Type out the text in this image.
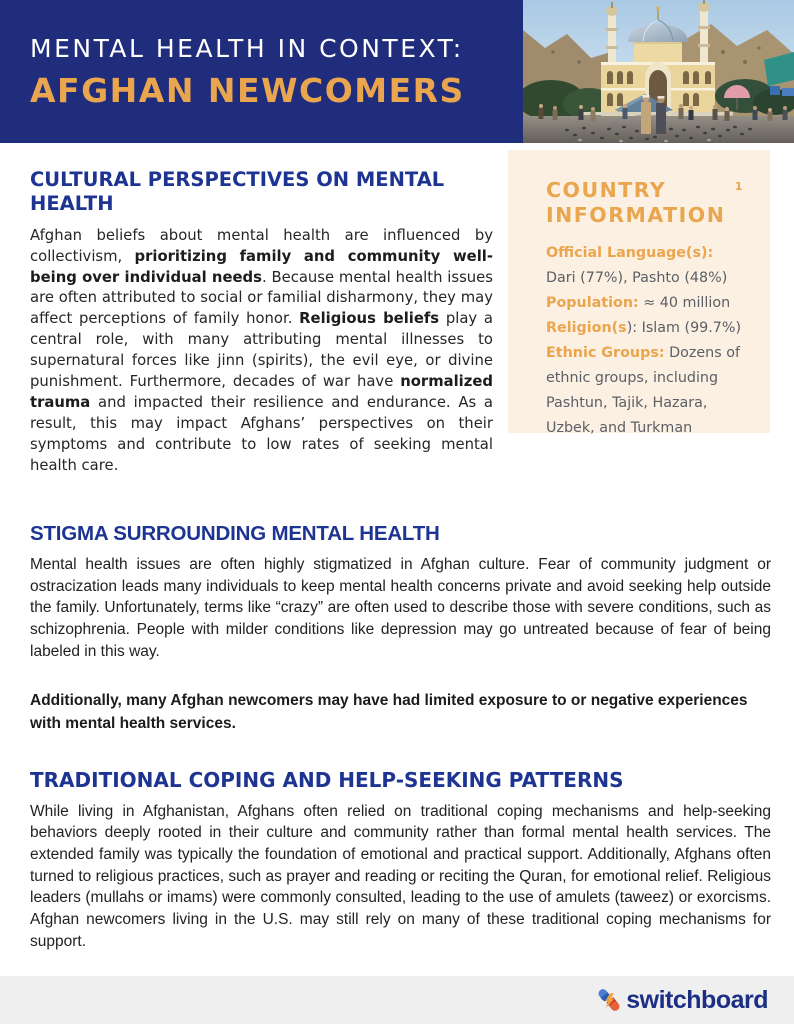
MENTAL HEALTH IN CONTEXT:
AFGHAN NEWCOMERS
CULTURAL PERSPECTIVES ON MENTAL HEALTH

Afghan beliefs about mental health are influenced by collectivism, prioritizing family and community well-being over individual needs. Because mental health issues are often attributed to social or familial disharmony, they may affect perceptions of family honor. Religious beliefs play a central role, with many attributing mental illnesses to supernatural forces like jinn (spirits), the evil eye, or divine punishment. Furthermore, decades of war have normalized trauma and impacted their resilience and endurance. As a result, this may impact Afghans’ perspectives on their symptoms and contribute to low rates of seeking mental health care.

COUNTRY	1
INFORMATION
Official Language(s):
Dari (77%), Pashto (48%)
Population: ≈ 40 million
Religion(s): Islam (99.7%)
Ethnic Groups: Dozens of ethnic groups, including Pashtun, Tajik, Hazara, Uzbek, and Turkman
STIGMA SURROUNDING MENTAL HEALTH

Mental health issues are often highly stigmatized in Afghan culture. Fear of community judgment or ostracization leads many individuals to keep mental health concerns private and avoid seeking help outside the family. Unfortunately, terms like “crazy” are often used to describe those with severe conditions, such as schizophrenia. People with milder conditions like depression may go untreated because of fear of being labeled in this way.

Additionally, many Afghan newcomers may have had limited exposure to or negative experiences with mental health services.

TRADITIONAL COPING AND HELP-SEEKING PATTERNS

While living in Afghanistan, Afghans often relied on traditional coping mechanisms and help-seeking behaviors deeply rooted in their culture and community rather than formal mental health services. The extended family was typically the foundation of emotional and practical support. Additionally, Afghans often turned to religious practices, such as prayer and reading or reciting the Quran, for emotional relief. Religious leaders (mullahs or imams) were commonly consulted, leading to the use of amulets (taweez) or exorcisms. Afghan newcomers living in the U.S. may still rely on many of these traditional coping mechanisms for support.

switchboard
